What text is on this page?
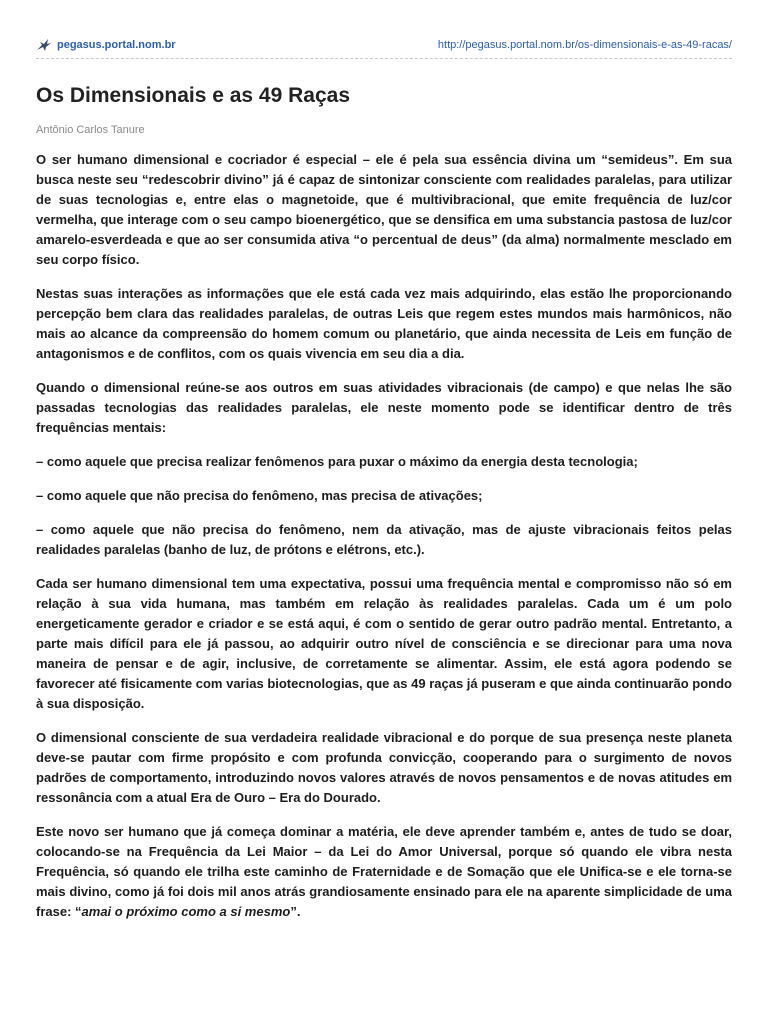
pegasus.portal.nom.br	http://pegasus.portal.nom.br/os-dimensionais-e-as-49-racas/
Os Dimensionais e as 49 Raças
Antônio Carlos Tanure

O ser humano dimensional e cocriador é especial – ele é pela sua essência divina um “semideus”. Em sua busca neste seu “redescobrir divino” já é capaz de sintonizar consciente com realidades paralelas, para utilizar de suas tecnologias e, entre elas o magnetoide, que é multivibracional, que emite frequência de luz/cor vermelha, que interage com o seu campo bioenergético, que se densifica em uma substancia pastosa de luz/cor amarelo-esverdeada e que ao ser consumida ativa “o percentual de deus” (da alma) normalmente mesclado em seu corpo físico.

Nestas suas interações as informações que ele está cada vez mais adquirindo, elas estão lhe proporcionando percepção bem clara das realidades paralelas, de outras Leis que regem estes mundos mais harmônicos, não mais ao alcance da compreensão do homem comum ou planetário, que ainda necessita de Leis em função de antagonismos e de conflitos, com os quais vivencia em seu dia a dia.

Quando o dimensional reúne-se aos outros em suas atividades vibracionais (de campo) e que nelas lhe são passadas tecnologias das realidades paralelas, ele neste momento pode se identificar dentro de três frequências mentais:

– como aquele que precisa realizar fenômenos para puxar o máximo da energia desta tecnologia;

– como aquele que não precisa do fenômeno, mas precisa de ativações;

– como aquele que não precisa do fenômeno, nem da ativação, mas de ajuste vibracionais feitos pelas realidades paralelas (banho de luz, de prótons e elétrons, etc.).

Cada ser humano dimensional tem uma expectativa, possui uma frequência mental e compromisso não só em relação à sua vida humana, mas também em relação às realidades paralelas. Cada um é um polo energeticamente gerador e criador e se está aqui, é com o sentido de gerar outro padrão mental. Entretanto, a parte mais difícil para ele já passou, ao adquirir outro nível de consciência e se direcionar para uma nova maneira de pensar e de agir, inclusive, de corretamente se alimentar. Assim, ele está agora podendo se favorecer até fisicamente com varias biotecnologias, que as 49 raças já puseram e que ainda continuarão pondo à sua disposição.

O dimensional consciente de sua verdadeira realidade vibracional e do porque de sua presença neste planeta deve-se pautar com firme propósito e com profunda convicção, cooperando para o surgimento de novos padrões de comportamento, introduzindo novos valores através de novos pensamentos e de novas atitudes em ressonância com a atual Era de Ouro – Era do Dourado.

Este novo ser humano que já começa dominar a matéria, ele deve aprender também e, antes de tudo se doar, colocando-se na Frequência da Lei Maior – da Lei do Amor Universal, porque só quando ele vibra nesta Frequência, só quando ele trilha este caminho de Fraternidade e de Somação que ele Unifica-se e ele torna-se mais divino, como já foi dois mil anos atrás grandiosamente ensinado para ele na aparente simplicidade de uma frase: “amai o próximo como a si mesmo”.
